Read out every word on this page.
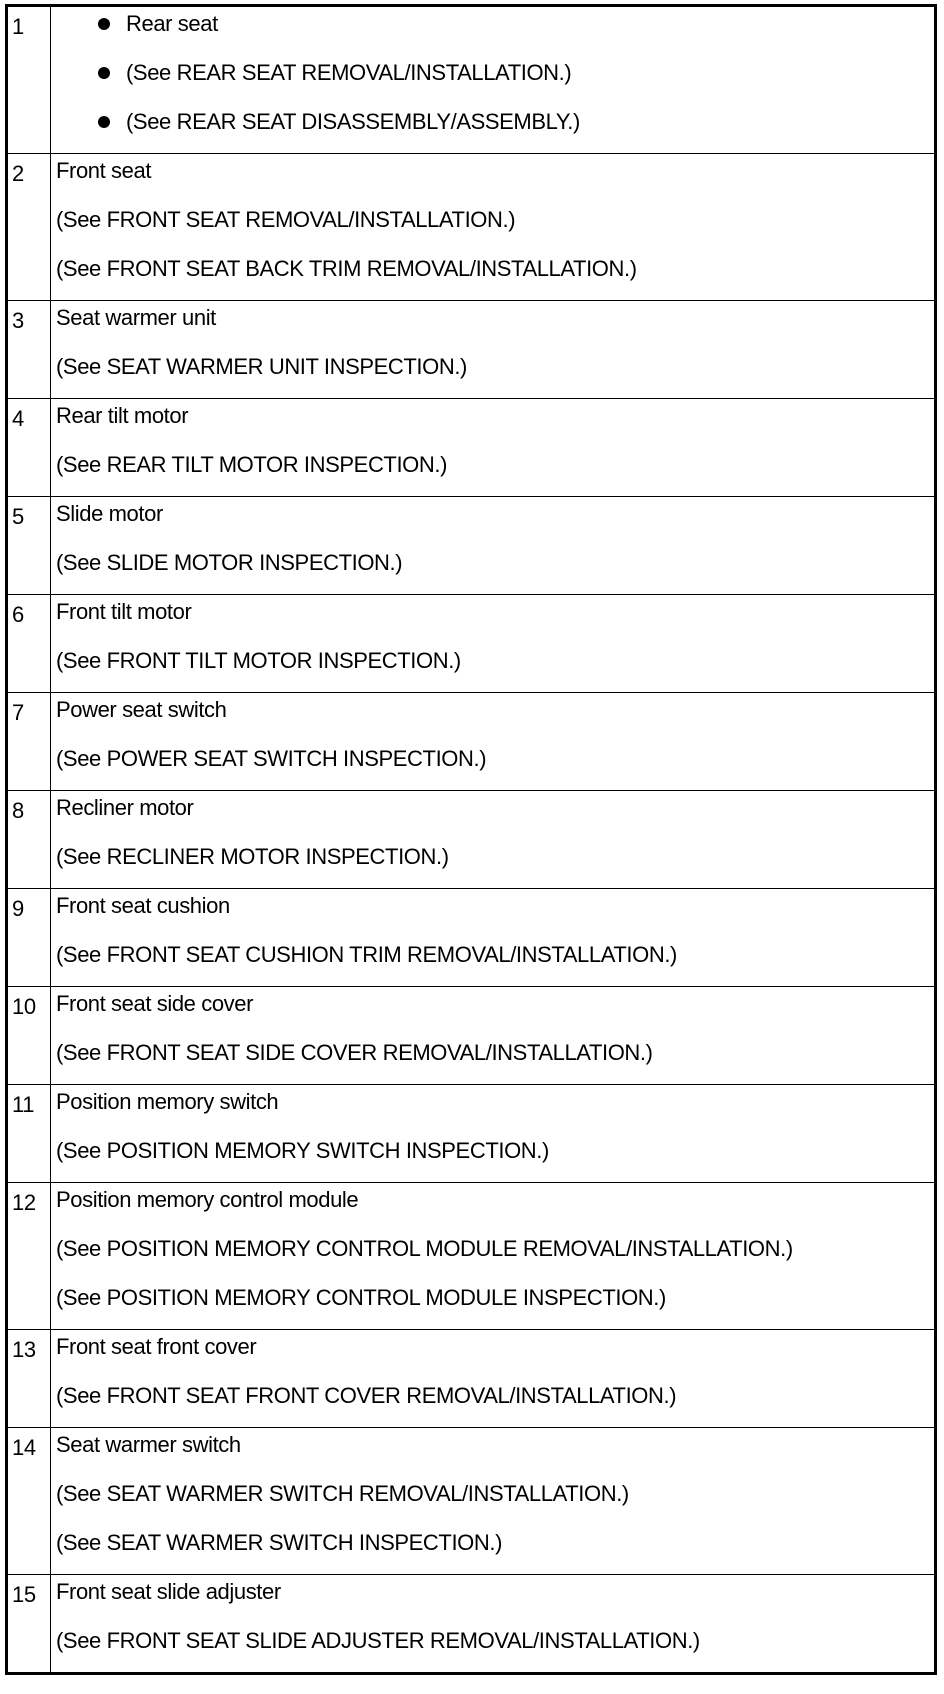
1	Rear seat
(See REAR SEAT REMOVAL/INSTALLATION.)
(See REAR SEAT DISASSEMBLY/ASSEMBLY.)

2	Front seat
(See FRONT SEAT REMOVAL/INSTALLATION.)
(See FRONT SEAT BACK TRIM REMOVAL/INSTALLATION.)

3	Seat warmer unit
(See SEAT WARMER UNIT INSPECTION.)

4	Rear tilt motor
(See REAR TILT MOTOR INSPECTION.)

5	Slide motor
(See SLIDE MOTOR INSPECTION.)

6	Front tilt motor
(See FRONT TILT MOTOR INSPECTION.)

7	Power seat switch
(See POWER SEAT SWITCH INSPECTION.)

8	Recliner motor
(See RECLINER MOTOR INSPECTION.)

9	Front seat cushion
(See FRONT SEAT CUSHION TRIM REMOVAL/INSTALLATION.)

10	Front seat side cover
(See FRONT SEAT SIDE COVER REMOVAL/INSTALLATION.)

11	Position memory switch
(See POSITION MEMORY SWITCH INSPECTION.)

12	Position memory control module
(See POSITION MEMORY CONTROL MODULE REMOVAL/INSTALLATION.)
(See POSITION MEMORY CONTROL MODULE INSPECTION.)

13	Front seat front cover
(See FRONT SEAT FRONT COVER REMOVAL/INSTALLATION.)

14	Seat warmer switch
(See SEAT WARMER SWITCH REMOVAL/INSTALLATION.)
(See SEAT WARMER SWITCH INSPECTION.)

15	Front seat slide adjuster
(See FRONT SEAT SLIDE ADJUSTER REMOVAL/INSTALLATION.)
